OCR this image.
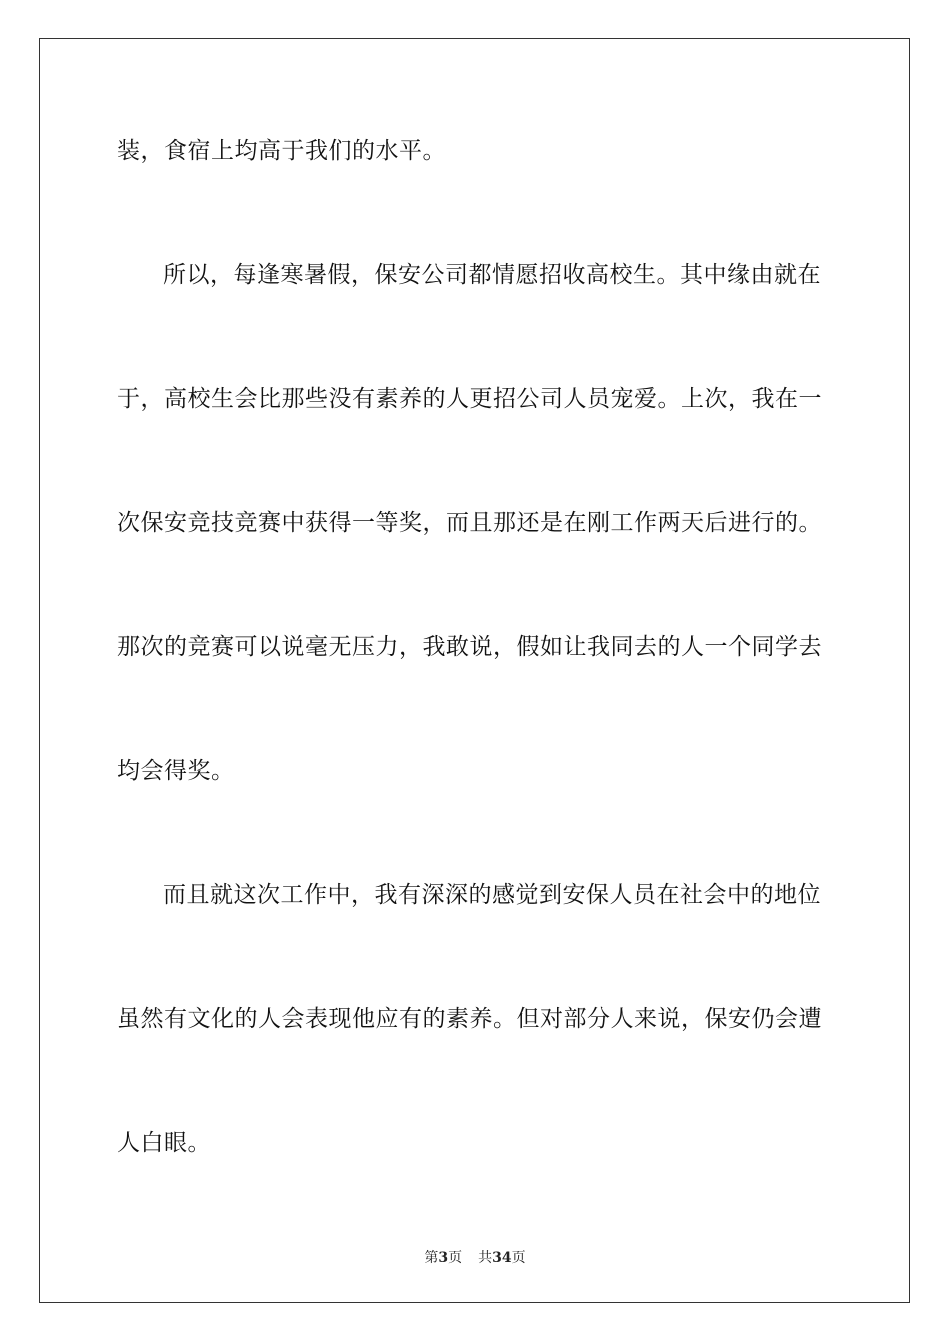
装，食宿上均高于我们的水平。
所以，每逢寒暑假，保安公司都情愿招收高校生。其中缘由就在
于，高校生会比那些没有素养的人更招公司人员宠爱。上次，我在一
次保安竞技竞赛中获得一等奖，而且那还是在刚工作两天后进行的。
那次的竞赛可以说毫无压力，我敢说，假如让我同去的人一个同学去
均会得奖。
而且就这次工作中，我有深深的感觉到安保人员在社会中的地位
虽然有文化的人会表现他应有的素养。但对部分人来说，保安仍会遭
人白眼。
第3页 共34页
